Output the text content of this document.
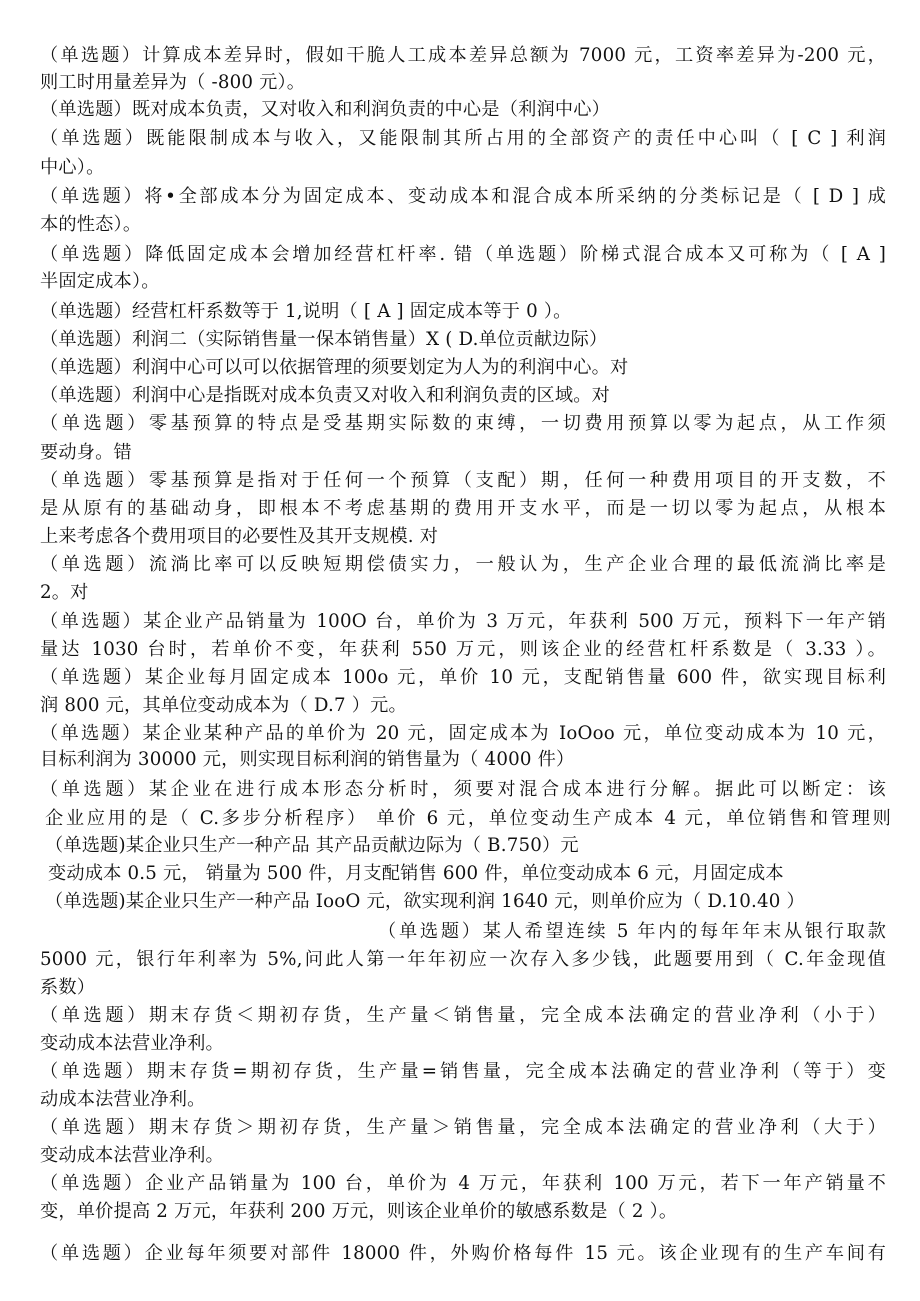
（单选题）计算成本差异时，假如干脆人工成本差异总额为 7000 元，工资率差异为-200 元，
则工时用量差异为（ -800 元）。
（单选题）既对成本负责，又对收入和利润负责的中心是（利润中心）
（单选题）既能限制成本与收入，又能限制其所占用的全部资产的责任中心叫（ [ C ] 利润
中心）。
（单选题）将•全部成本分为固定成本、变动成本和混合成本所采纳的分类标记是（ [ D ] 成
本的性态）。
（单选题）降低固定成本会增加经营杠杆率. 错（单选题）阶梯式混合成本又可称为（ [ A ]
半固定成本）。
（单选题）经营杠杆系数等于 1,说明（ [ A ] 固定成本等于 0 ）。
（单选题）利润二（实际销售量一保本销售量）X ( D.单位贡献边际）
（单选题）利润中心可以可以依据管理的须要划定为人为的利润中心。对
（单选题）利润中心是指既对成本负责又对收入和利润负责的区域。对
（单选题）零基预算的特点是受基期实际数的束缚，一切费用预算以零为起点，从工作须
要动身。错
（单选题）零基预算是指对于任何一个预算（支配）期，任何一种费用项目的开支数，不
是从原有的基础动身，即根本不考虑基期的费用开支水平，而是一切以零为起点，从根本
上来考虑各个费用项目的必要性及其开支规模. 对
（单选题）流淌比率可以反映短期偿债实力，一般认为，生产企业合理的最低流淌比率是
2。对
（单选题）某企业产品销量为 100O 台，单价为 3 万元，年获利 500 万元，预料下一年产销
量达 1030 台时，若单价不变，年获利 550 万元，则该企业的经营杠杆系数是（ 3.33 ）。
（单选题）某企业每月固定成本 100o 元，单价 10 元，支配销售量 600 件，欲实现目标利
润 800 元，其单位变动成本为（ D.7 ）元。
（单选题）某企业某种产品的单价为 20 元，固定成本为 IoOoo 元，单位变动成本为 10 元，
目标利润为 30000 元，则实现目标利润的销售量为（ 4000 件）
（单选题）某企业在进行成本形态分析时，须要对混合成本进行分解。据此可以断定：该
企业应用的是（ C.多步分析程序） 单价 6 元，单位变动生产成本 4 元，单位销售和管理则
（单选题)某企业只生产一种产品 其产品贡献边际为（ B.750）元
变动成本 0.5 元， 销量为 500 件，月支配销售 600 件，单位变动成本 6 元，月固定成本
（单选题)某企业只生产一种产品 IooO 元，欲实现利润 1640 元，则单价应为（ D.10.40 ）
（单选题）某人希望连续 5 年内的每年年末从银行取款
5000 元，银行年利率为 5%,问此人第一年年初应一次存入多少钱，此题要用到（ C.年金现值
系数）
（单选题）期末存货＜期初存货，生产量＜销售量，完全成本法确定的营业净利（小于）
变动成本法营业净利。
（单选题）期末存货=期初存货，生产量=销售量，完全成本法确定的营业净利（等于）变
动成本法营业净利。
（单选题）期末存货＞期初存货，生产量＞销售量，完全成本法确定的营业净利（大于）
变动成本法营业净利。
（单选题）企业产品销量为 100 台，单价为 4 万元，年获利 100 万元，若下一年产销量不
变，单价提高 2 万元，年获利 200 万元，则该企业单价的敏感系数是（ 2 ）。
（单选题）企业每年须要对部件 18000 件，外购价格每件 15 元。该企业现有的生产车间有
